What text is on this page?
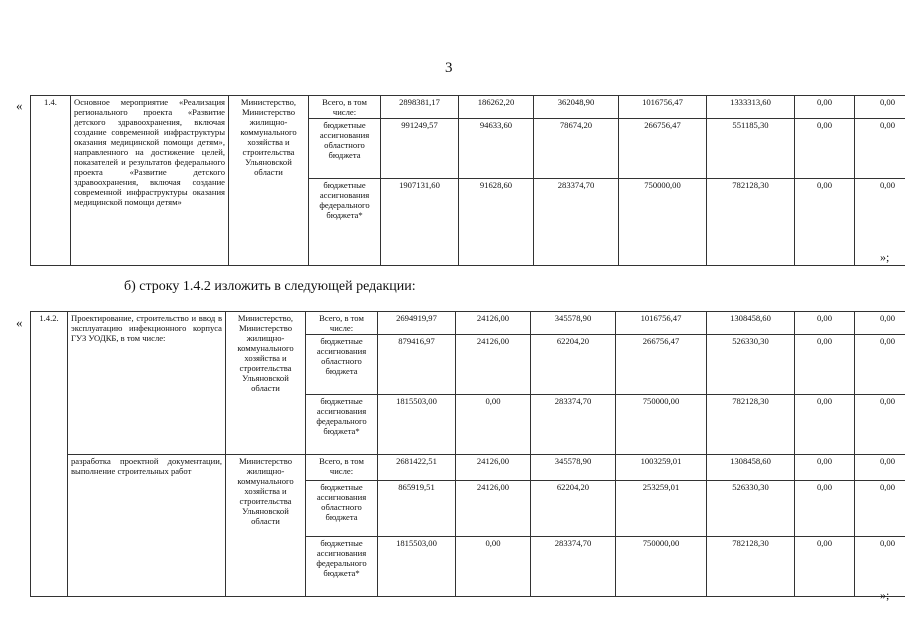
3
«	1.4.	Основное мероприятие «Реализация регионального проекта «Развитие детского здравоохранения, включая создание современной инфраструктуры оказания медицинской помощи детям», направленного на достижение целей, показателей и результатов федерального проекта «Развитие детского здравоохранения, включая создание современной инфраструктуры оказания медицинской помощи детям»	Министерство, Министерство жилищно-коммунального хозяйства и строительства Ульяновской области	Всего, в том числе:	2898381,17	186262,20	362048,90	1016756,47	1333313,60	0,00	0,00
			бюджетные ассигнования областного бюджета	991249,57	94633,60	78674,20	266756,47	551185,30	0,00	0,00
			бюджетные ассигнования федерального бюджета*	1907131,60	91628,60	283374,70	750000,00	782128,30	0,00	0,00
»;
б) строку 1.4.2 изложить в следующей редакции:
« 1.4.2.	Проектирование, строительство и ввод в эксплуатацию инфекционного корпуса ГУЗ УОДКБ, в том числе:	Министерство, Министерство жилищно-коммунального хозяйства и строительства Ульяновской области	Всего, в том числе:	2694919,97	24126,00	345578,90	1016756,47	1308458,60	0,00	0,00
			бюджетные ассигнования областного бюджета	879416,97	24126,00	62204,20	266756,47	526330,30	0,00	0,00
			бюджетные ассигнования федерального бюджета*	1815503,00	0,00	283374,70	750000,00	782128,30	0,00	0,00
	разработка проектной документации, выполнение строительных работ	Министерство жилищно-коммунального хозяйства и строительства Ульяновской области	Всего, в том числе:	2681422,51	24126,00	345578,90	1003259,01	1308458,60	0,00	0,00
			бюджетные ассигнования областного бюджета	865919,51	24126,00	62204,20	253259,01	526330,30	0,00	0,00
			бюджетные ассигнования федерального бюджета*	1815503,00	0,00	283374,70	750000,00	782128,30	0,00	0,00
»;
